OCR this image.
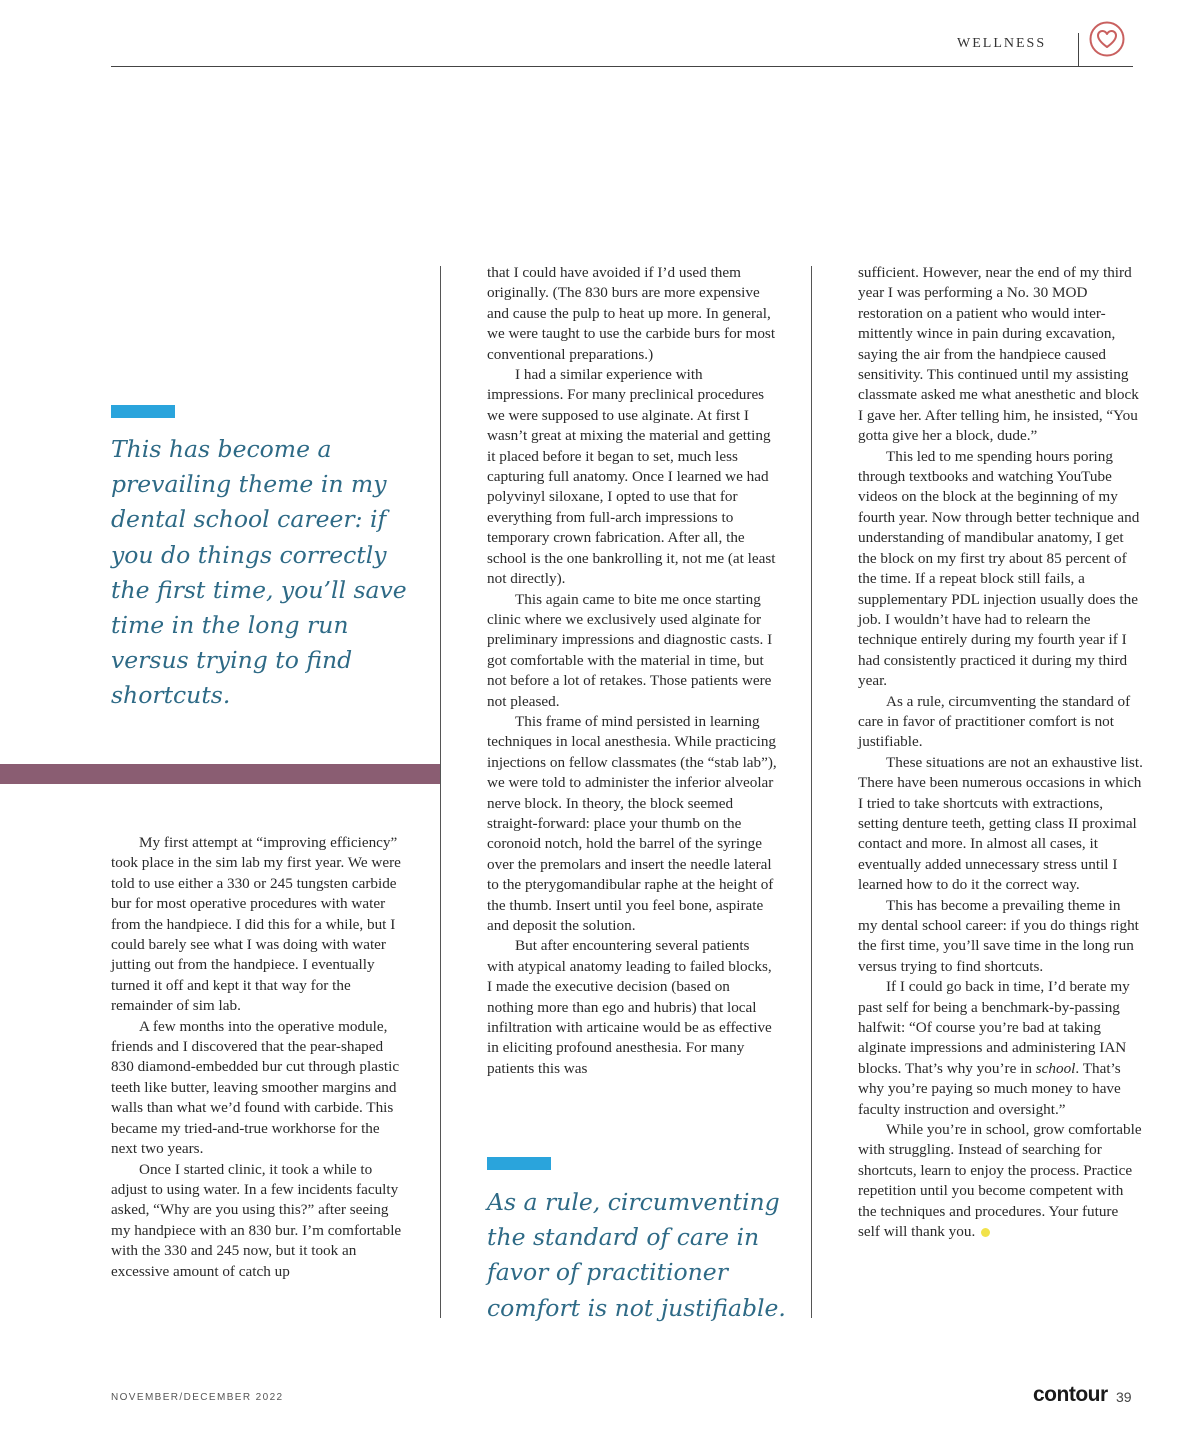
WELLNESS

This has become a prevailing theme in my dental school career: if you do things correctly the first time, you’ll save time in the long run versus trying to find shortcuts.

My first attempt at “improving efficiency” took place in the sim lab my first year. We were told to use either a 330 or 245 tungsten carbide bur for most operative procedures with water from the handpiece. I did this for a while, but I could barely see what I was doing with water jutting out from the handpiece. I eventually turned it off and kept it that way for the remainder of sim lab.

A few months into the operative module, friends and I discovered that the pear-shaped 830 diamond-embedded bur cut through plastic teeth like butter, leaving smoother margins and walls than what we’d found with carbide. This became my tried-and-true workhorse for the next two years.

Once I started clinic, it took a while to adjust to using water. In a few incidents faculty asked, “Why are you using this?” after seeing my handpiece with an 830 bur. I’m comfortable with the 330 and 245 now, but it took an excessive amount of catch up

that I could have avoided if I’d used them originally. (The 830 burs are more expensive and cause the pulp to heat up more. In general, we were taught to use the carbide burs for most conventional preparations.)

I had a similar experience with impressions. For many preclinical procedures we were supposed to use alginate. At first I wasn’t great at mixing the material and getting it placed before it began to set, much less capturing full anatomy. Once I learned we had polyvinyl siloxane, I opted to use that for everything from full-arch impressions to temporary crown fabrication. After all, the school is the one bankrolling it, not me (at least not directly).

This again came to bite me once starting clinic where we exclusively used alginate for preliminary impressions and diagnostic casts. I got comfortable with the material in time, but not before a lot of retakes. Those patients were not pleased.

This frame of mind persisted in learning techniques in local anesthesia. While practicing injections on fellow classmates (the “stab lab”), we were told to administer the inferior alveolar nerve block. In theory, the block seemed straight-forward: place your thumb on the coronoid notch, hold the barrel of the syringe over the premolars and insert the needle lateral to the pterygomandibular raphe at the height of the thumb. Insert until you feel bone, aspirate and deposit the solution.

But after encountering several patients with atypical anatomy leading to failed blocks, I made the executive decision (based on nothing more than ego and hubris) that local infiltration with articaine would be as effective in eliciting profound anesthesia. For many patients this was

As a rule, circumventing the standard of care in favor of practitioner comfort is not justifiable.

sufficient. However, near the end of my third year I was performing a No. 30 MOD restoration on a patient who would inter-mittently wince in pain during excavation, saying the air from the handpiece caused sensitivity. This continued until my assisting classmate asked me what anesthetic and block I gave her. After telling him, he insisted, “You gotta give her a block, dude.”

This led to me spending hours poring through textbooks and watching YouTube videos on the block at the beginning of my fourth year. Now through better technique and understanding of mandibular anatomy, I get the block on my first try about 85 percent of the time. If a repeat block still fails, a supplementary PDL injection usually does the job. I wouldn’t have had to relearn the technique entirely during my fourth year if I had consistently practiced it during my third year.

As a rule, circumventing the standard of care in favor of practitioner comfort is not justifiable.

These situations are not an exhaustive list. There have been numerous occasions in which I tried to take shortcuts with extractions, setting denture teeth, getting class II proximal contact and more. In almost all cases, it eventually added unnecessary stress until I learned how to do it the correct way.

This has become a prevailing theme in my dental school career: if you do things right the first time, you’ll save time in the long run versus trying to find shortcuts.

If I could go back in time, I’d berate my past self for being a benchmark-by-passing halfwit: “Of course you’re bad at taking alginate impressions and administering IAN blocks. That’s why you’re in school. That’s why you’re paying so much money to have faculty instruction and oversight.”

While you’re in school, grow comfortable with struggling. Instead of searching for shortcuts, learn to enjoy the process. Practice repetition until you become competent with the techniques and procedures. Your future self will thank you.

NOVEMBER/DECEMBER 2022	contour 39
